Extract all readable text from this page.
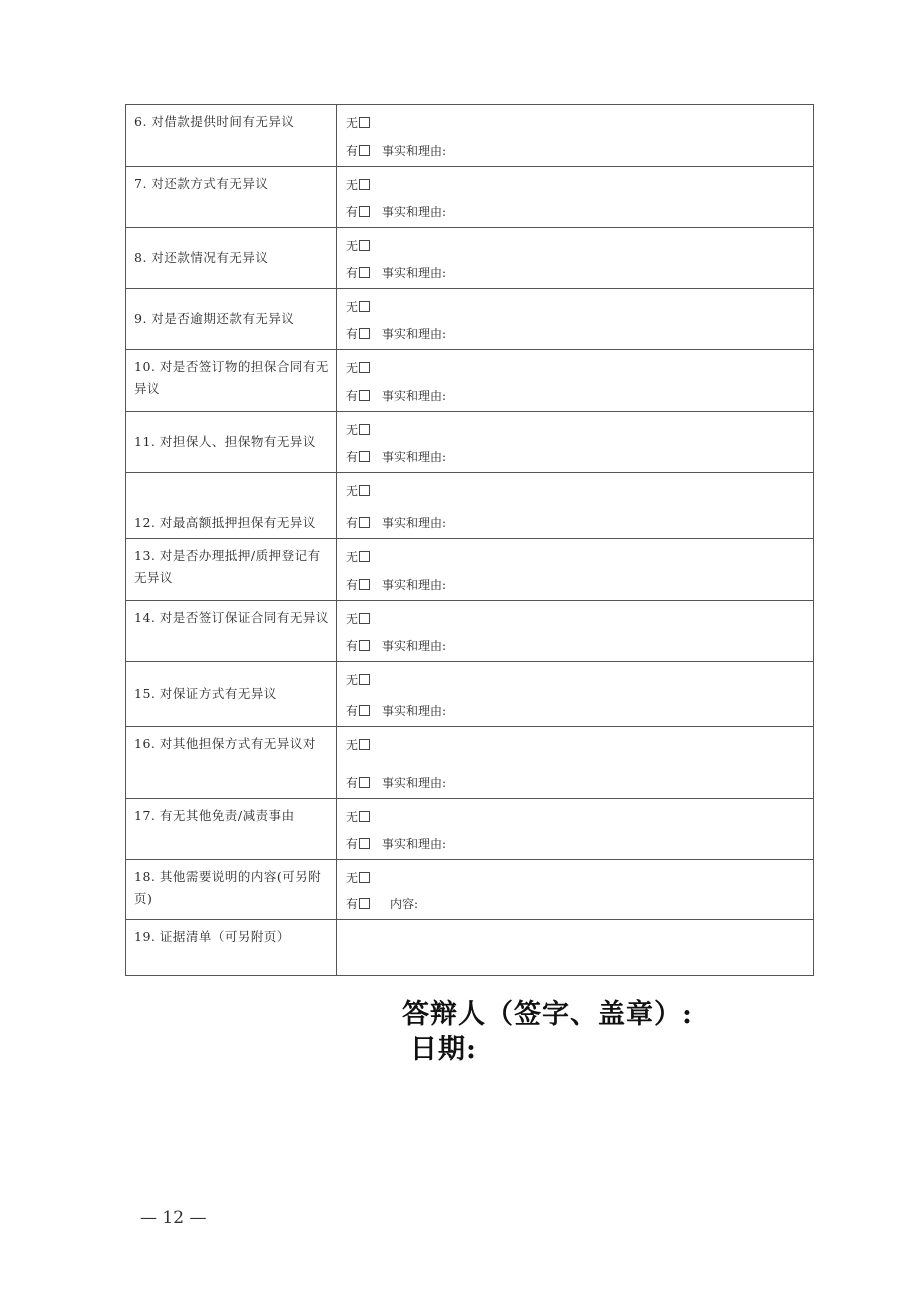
6. 对借款提供时间有无异议	无
有 事实和理由:

7. 对还款方式有无异议	无
有 事实和理由:

8. 对还款情况有无异议	无
有 事实和理由:

9. 对是否逾期还款有无异议	无
有 事实和理由:

10. 对是否签订物的担保合同有无异议	无
有 事实和理由:

11. 对担保人、担保物有无异议	无
有 事实和理由:

12. 对最高额抵押担保有无异议	无
有 事实和理由:

13. 对是否办理抵押/质押登记有无异议	无
有 事实和理由:

14. 对是否签订保证合同有无异议	无
有 事实和理由:

15. 对保证方式有无异议	无
有 事实和理由:

16. 对其他担保方式有无异议对	无
有 事实和理由:

17. 有无其他免责/减责事由	无
有 事实和理由:

18. 其他需要说明的内容(可另附页)	无
有 内容:

19. 证据清单（可另附页）	

答辩人（签字、盖章）:
日期:
— 12 —
